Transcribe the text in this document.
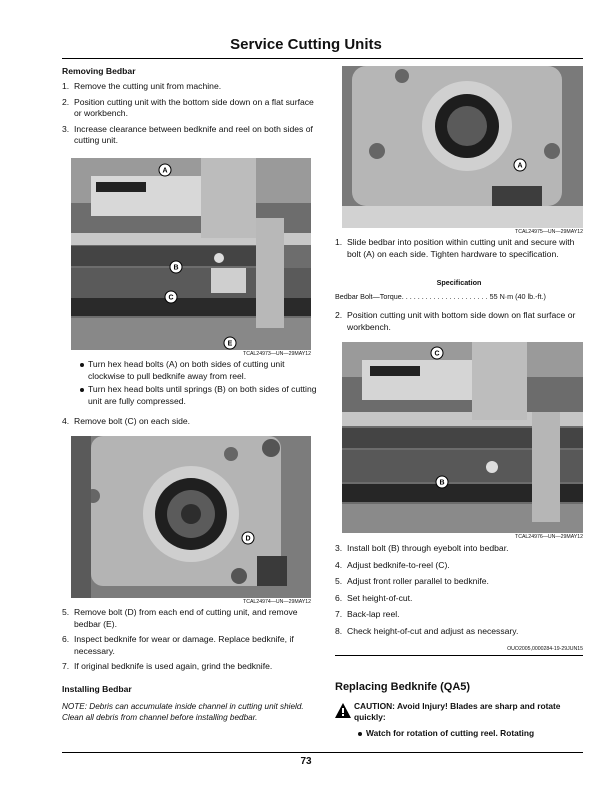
Service Cutting Units
Removing Bedbar
1. Remove the cutting unit from machine.
2. Position cutting unit with the bottom side down on a flat surface or workbench.
3. Increase clearance between bedknife and reel on both sides of cutting unit.
A
B
C
E
TCAL24973—UN—29MAY12
Turn hex head bolts (A) on both sides of cutting unit clockwise to pull bedknife away from reel.
Turn hex head bolts until springs (B) on both sides of cutting unit are fully compressed.
4. Remove bolt (C) on each side.
D
TCAL24974—UN—29MAY12
5. Remove bolt (D) from each end of cutting unit, and remove bedbar (E).
6. Inspect bedknife for wear or damage. Replace bedknife, if necessary.
7. If original bedknife is used again, grind the bedknife.
Installing Bedbar
NOTE: Debris can accumulate inside channel in cutting unit shield. Clean all debris from channel before installing bedbar.
A
TCAL24975—UN—29MAY12
1. Slide bedbar into position within cutting unit and secure with bolt (A) on each side. Tighten hardware to specification.
Specification
Bedbar Bolt—Torque. . . . . . . . . . . . . . . . . . . . . . 55 N·m (40 lb.-ft.)
2. Position cutting unit with bottom side down on flat surface or workbench.
C
B
TCAL24976—UN—29MAY12
3. Install bolt (B) through eyebolt into bedbar.
4. Adjust bedknife-to-reel (C).
5. Adjust front roller parallel to bedknife.
6. Set height-of-cut.
7. Back-lap reel.
8. Check height-of-cut and adjust as necessary.
OUO2005,0000284-19-29JUN15
Replacing Bedknife (QA5)
CAUTION: Avoid Injury! Blades are sharp and rotate quickly:
Watch for rotation of cutting reel. Rotating
73
